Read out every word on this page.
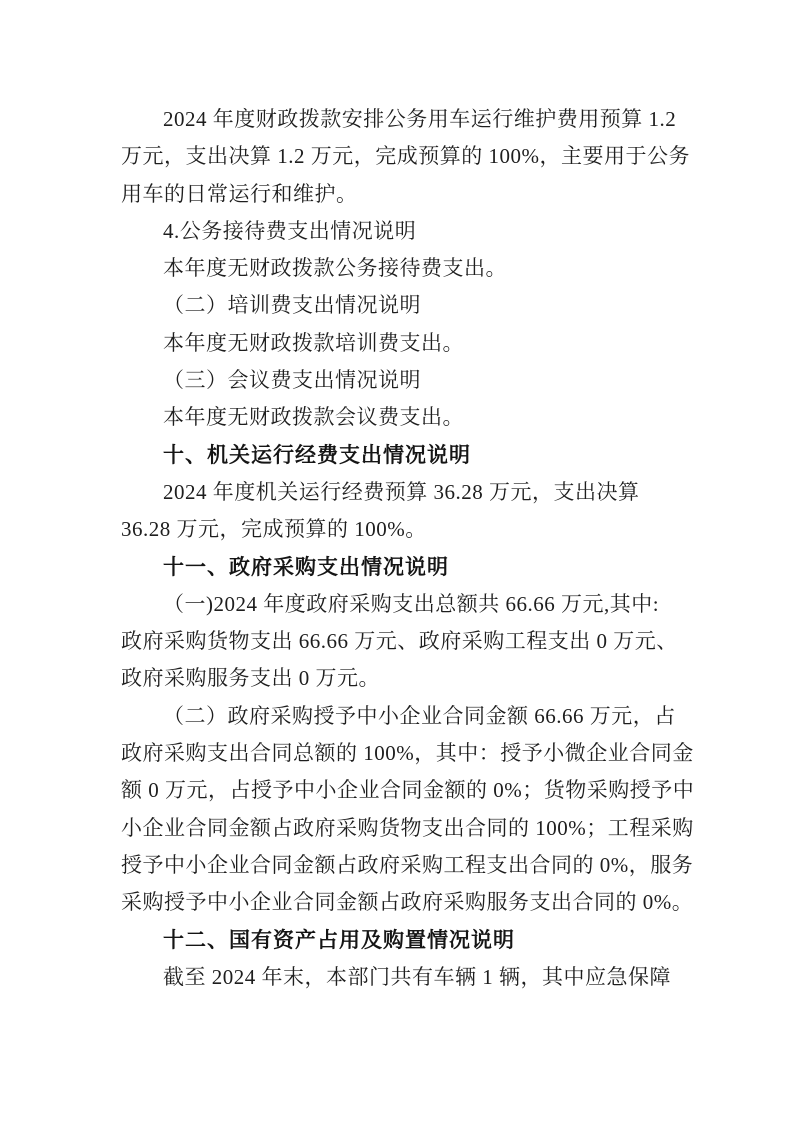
2024 年度财政拨款安排公务用车运行维护费用预算 1.2
万元，支出决算 1.2 万元，完成预算的 100%，主要用于公务
用车的日常运行和维护。
4.公务接待费支出情况说明
本年度无财政拨款公务接待费支出。
（二）培训费支出情况说明
本年度无财政拨款培训费支出。
（三）会议费支出情况说明
本年度无财政拨款会议费支出。
十、机关运行经费支出情况说明
2024 年度机关运行经费预算 36.28 万元，支出决算
36.28 万元，完成预算的 100%。
十一、政府采购支出情况说明
（一)2024 年度政府采购支出总额共 66.66 万元,其中:
政府采购货物支出 66.66 万元、政府采购工程支出 0 万元、
政府采购服务支出 0 万元。
（二）政府采购授予中小企业合同金额 66.66 万元，占
政府采购支出合同总额的 100%，其中：授予小微企业合同金
额 0 万元，占授予中小企业合同金额的 0%；货物采购授予中
小企业合同金额占政府采购货物支出合同的 100%；工程采购
授予中小企业合同金额占政府采购工程支出合同的 0%，服务
采购授予中小企业合同金额占政府采购服务支出合同的 0%。
十二、国有资产占用及购置情况说明
截至 2024 年末，本部门共有车辆 1 辆，其中应急保障
